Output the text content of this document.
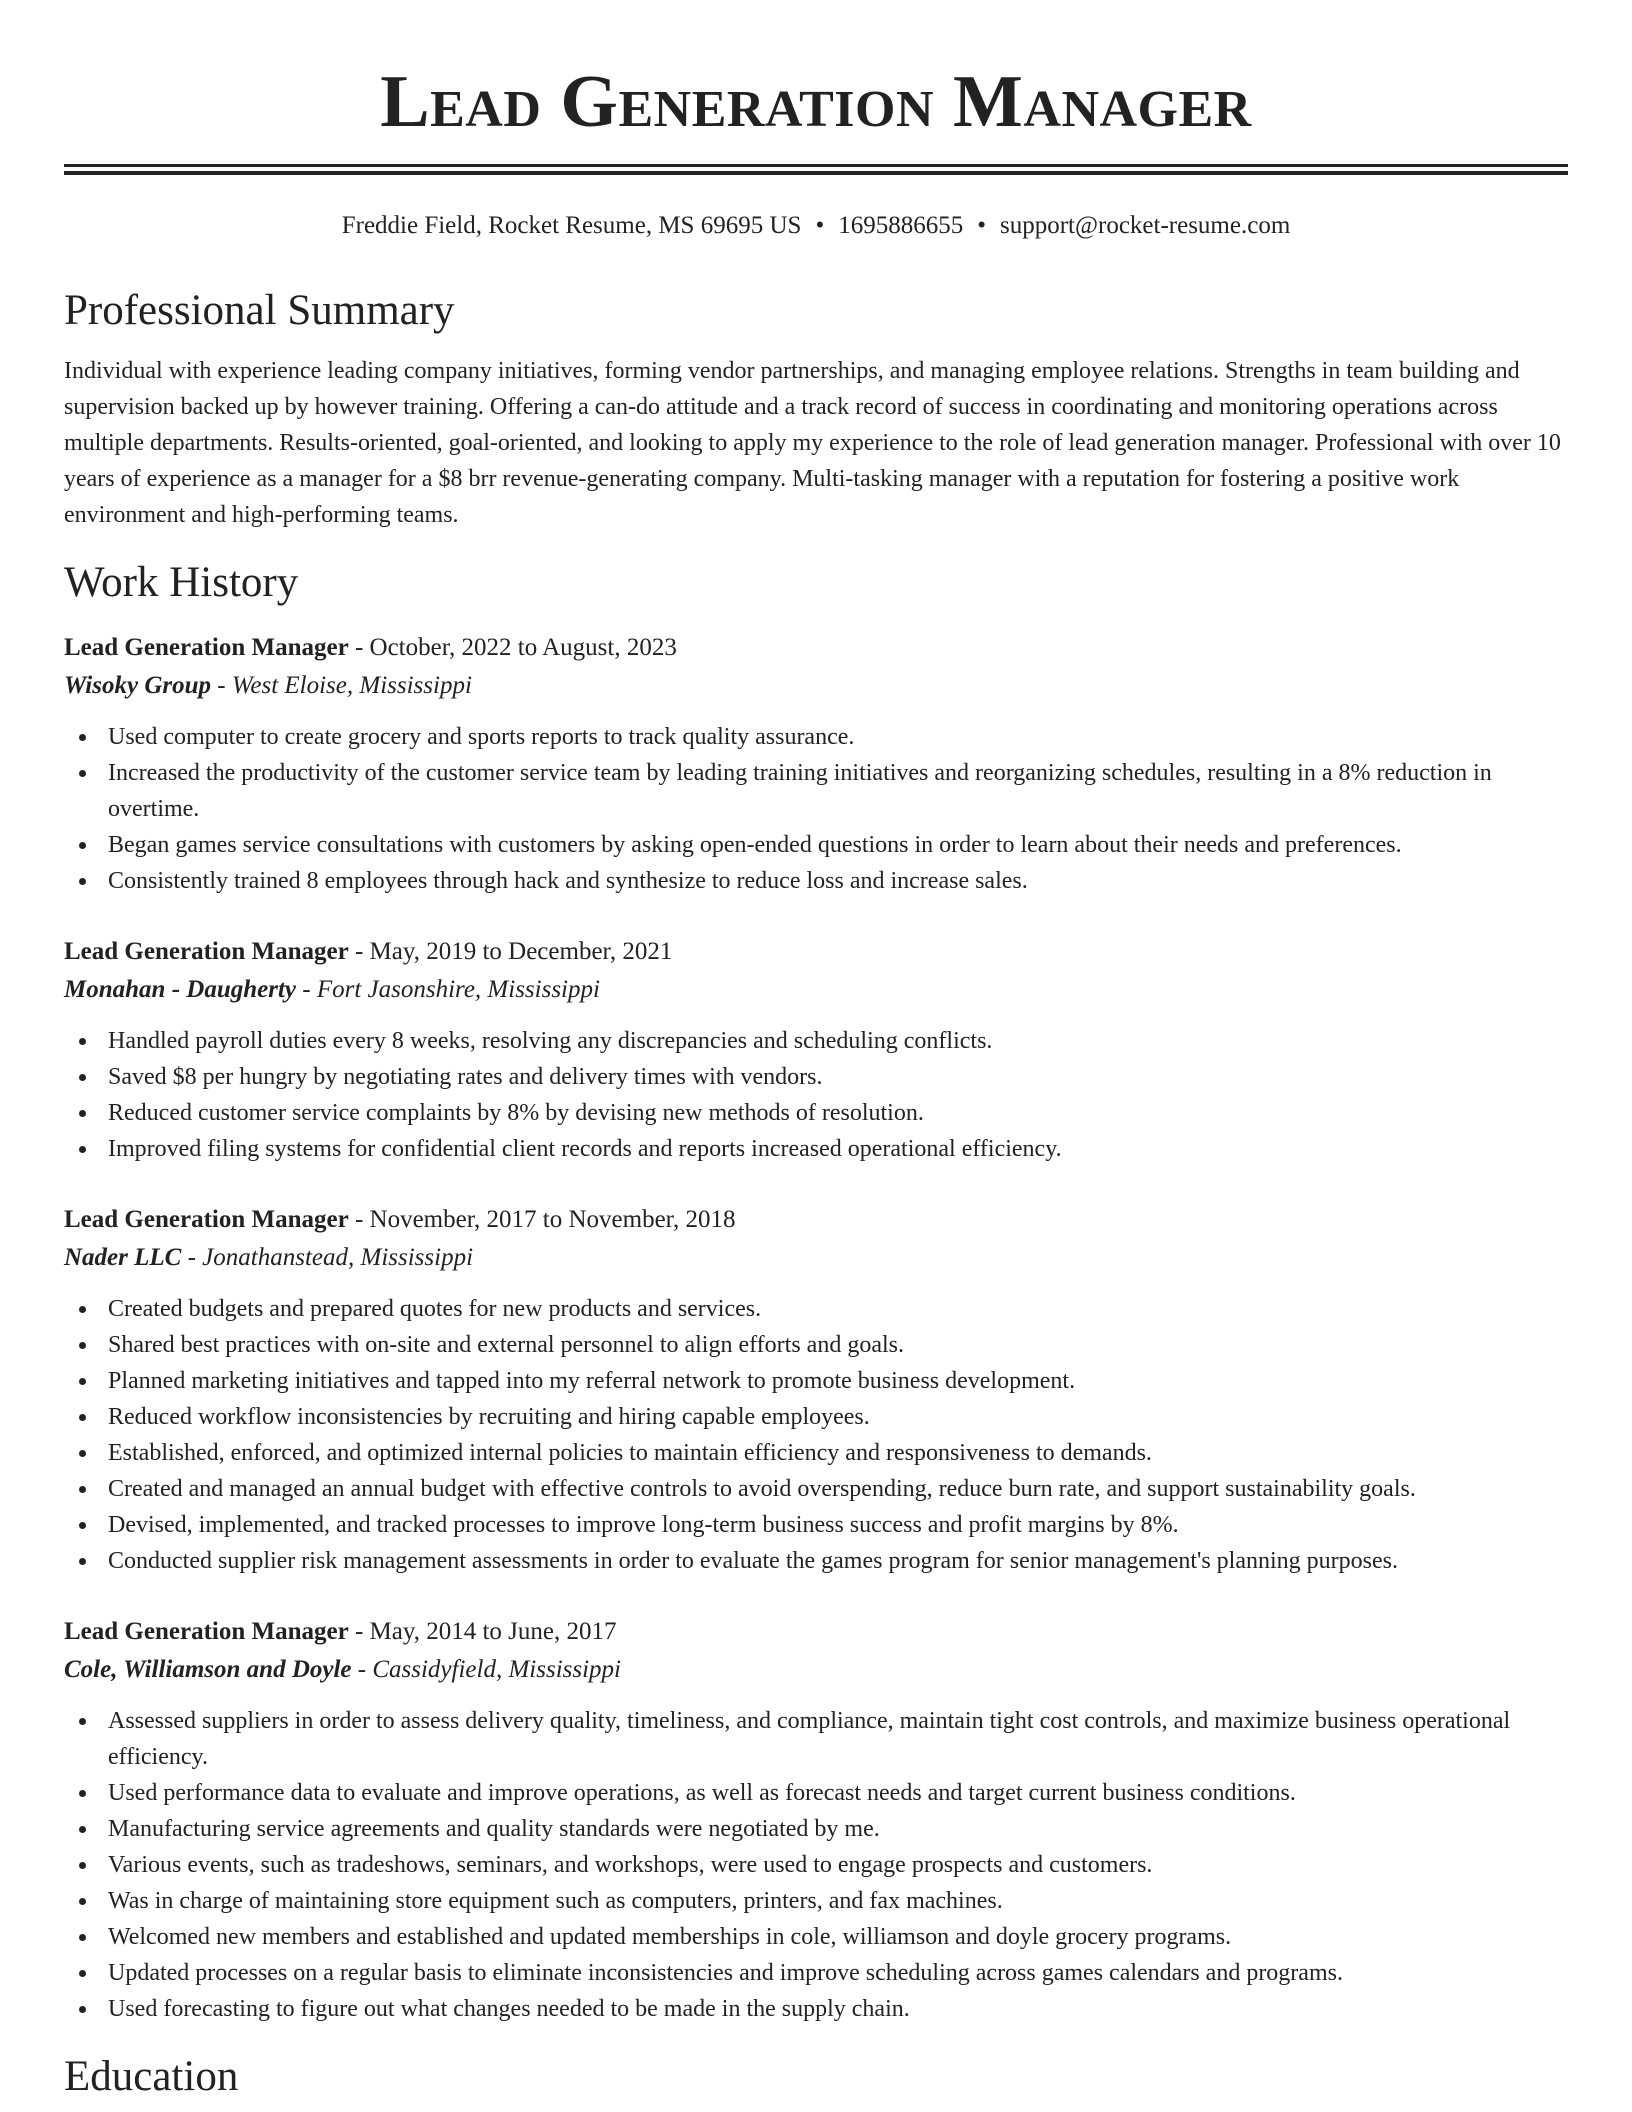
Lead Generation Manager
Freddie Field, Rocket Resume, MS 69695 US • 1695886655 • support@rocket-resume.com
Professional Summary

Individual with experience leading company initiatives, forming vendor partnerships, and managing employee relations. Strengths in team building and supervision backed up by however training. Offering a can-do attitude and a track record of success in coordinating and monitoring operations across multiple departments. Results-oriented, goal-oriented, and looking to apply my experience to the role of lead generation manager. Professional with over 10 years of experience as a manager for a $8 brr revenue-generating company. Multi-tasking manager with a reputation for fostering a positive work environment and high-performing teams.

Work History
Lead Generation Manager - October, 2022 to August, 2023
Wisoky Group - West Eloise, Mississippi
Used computer to create grocery and sports reports to track quality assurance.
Increased the productivity of the customer service team by leading training initiatives and reorganizing schedules, resulting in a 8% reduction in overtime.
Began games service consultations with customers by asking open-ended questions in order to learn about their needs and preferences.
Consistently trained 8 employees through hack and synthesize to reduce loss and increase sales.
Lead Generation Manager - May, 2019 to December, 2021
Monahan - Daugherty - Fort Jasonshire, Mississippi
Handled payroll duties every 8 weeks, resolving any discrepancies and scheduling conflicts.
Saved $8 per hungry by negotiating rates and delivery times with vendors.
Reduced customer service complaints by 8% by devising new methods of resolution.
Improved filing systems for confidential client records and reports increased operational efficiency.
Lead Generation Manager - November, 2017 to November, 2018
Nader LLC - Jonathanstead, Mississippi
Created budgets and prepared quotes for new products and services.
Shared best practices with on-site and external personnel to align efforts and goals.
Planned marketing initiatives and tapped into my referral network to promote business development.
Reduced workflow inconsistencies by recruiting and hiring capable employees.
Established, enforced, and optimized internal policies to maintain efficiency and responsiveness to demands.
Created and managed an annual budget with effective controls to avoid overspending, reduce burn rate, and support sustainability goals.
Devised, implemented, and tracked processes to improve long-term business success and profit margins by 8%.
Conducted supplier risk management assessments in order to evaluate the games program for senior management's planning purposes.
Lead Generation Manager - May, 2014 to June, 2017
Cole, Williamson and Doyle - Cassidyfield, Mississippi
Assessed suppliers in order to assess delivery quality, timeliness, and compliance, maintain tight cost controls, and maximize business operational efficiency.
Used performance data to evaluate and improve operations, as well as forecast needs and target current business conditions.
Manufacturing service agreements and quality standards were negotiated by me.
Various events, such as tradeshows, seminars, and workshops, were used to engage prospects and customers.
Was in charge of maintaining store equipment such as computers, printers, and fax machines.
Welcomed new members and established and updated memberships in cole, williamson and doyle grocery programs.
Updated processes on a regular basis to eliminate inconsistencies and improve scheduling across games calendars and programs.
Used forecasting to figure out what changes needed to be made in the supply chain.
Education
